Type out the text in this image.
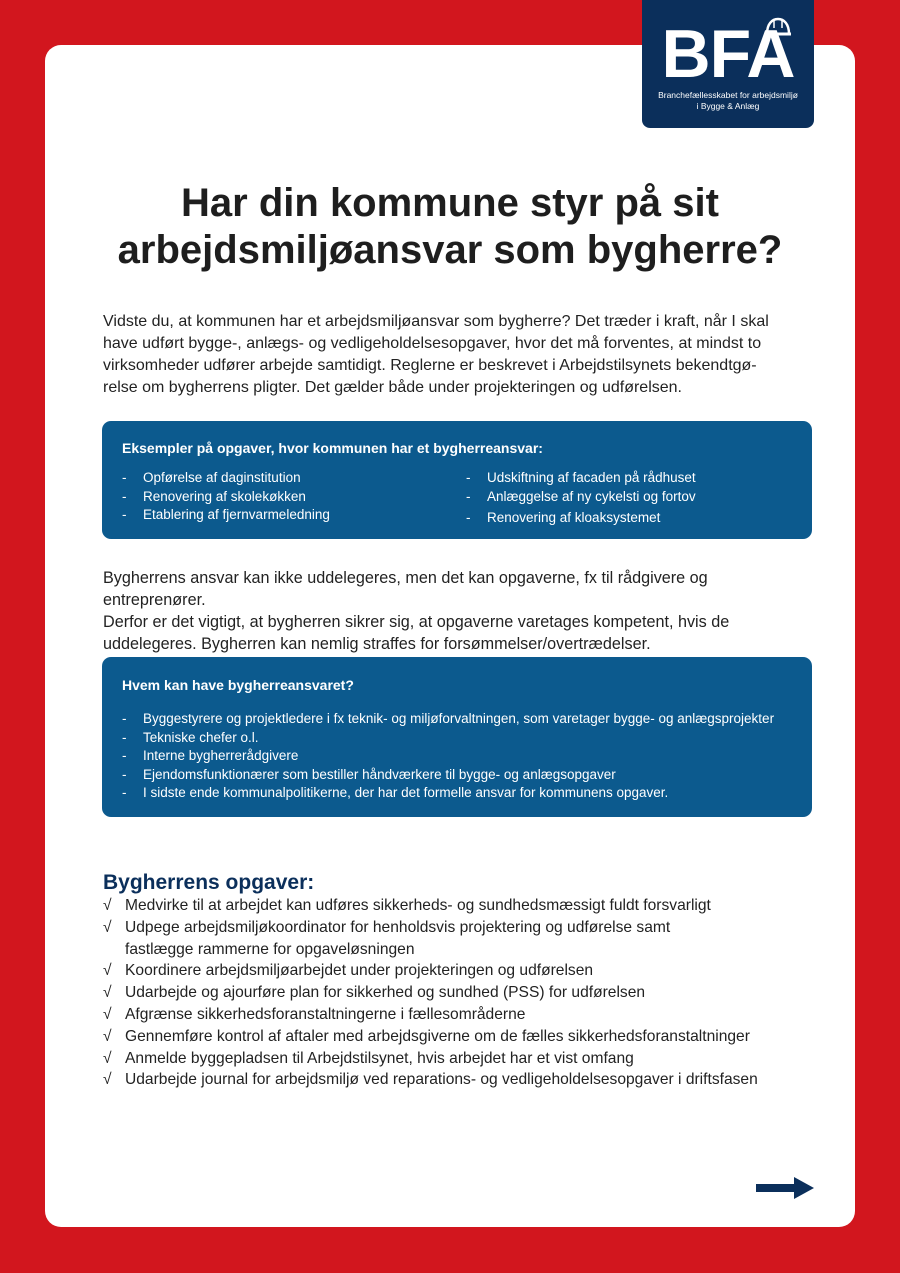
BFA
Branchefællesskabet for arbejdsmiljø
i Bygge & Anlæg
Har din kommune styr på sit
arbejdsmiljøansvar som bygherre?
Vidste du, at kommunen har et arbejdsmiljøansvar som bygherre? Det træder i kraft, når I skal
have udført bygge-, anlægs- og vedligeholdelsesopgaver, hvor det må forventes, at mindst to
virksomheder udfører arbejde samtidigt. Reglerne er beskrevet i Arbejdstilsynets bekendtgø-
relse om bygherrens pligter. Det gælder både under projekteringen og udførelsen.
Eksempler på opgaver, hvor kommunen har et bygherreansvar:
- Opførelse af daginstitution
- Renovering af skolekøkken
- Etablering af fjernvarmeledning
- Udskiftning af facaden på rådhuset
- Anlæggelse af ny cykelsti og fortov
- Renovering af kloaksystemet
Bygherrens ansvar kan ikke uddelegeres, men det kan opgaverne, fx til rådgivere og entreprenører.
Derfor er det vigtigt, at bygherren sikrer sig, at opgaverne varetages kompetent, hvis de
uddelegeres. Bygherren kan nemlig straffes for forsømmelser/overtrædelser.
Hvem kan have bygherreansvaret?
- Byggestyrere og projektledere i fx teknik- og miljøforvaltningen, som varetager bygge- og anlægsprojekter
- Tekniske chefer o.l.
- Interne bygherrerådgivere
- Ejendomsfunktionærer som bestiller håndværkere til bygge- og anlægsopgaver
- I sidste ende kommunalpolitikerne, der har det formelle ansvar for kommunens opgaver.
Bygherrens opgaver:
√ Medvirke til at arbejdet kan udføres sikkerheds- og sundhedsmæssigt fuldt forsvarligt
√ Udpege arbejdsmiljøkoordinator for henholdsvis projektering og udførelse samt
fastlægge rammerne for opgaveløsningen
√ Koordinere arbejdsmiljøarbejdet under projekteringen og udførelsen
√ Udarbejde og ajourføre plan for sikkerhed og sundhed (PSS) for udførelsen
√ Afgrænse sikkerhedsforanstaltningerne i fællesområderne
√ Gennemføre kontrol af aftaler med arbejdsgiverne om de fælles sikkerhedsforanstaltninger
√ Anmelde byggepladsen til Arbejdstilsynet, hvis arbejdet har et vist omfang
√ Udarbejde journal for arbejdsmiljø ved reparations- og vedligeholdelsesopgaver i driftsfasen
